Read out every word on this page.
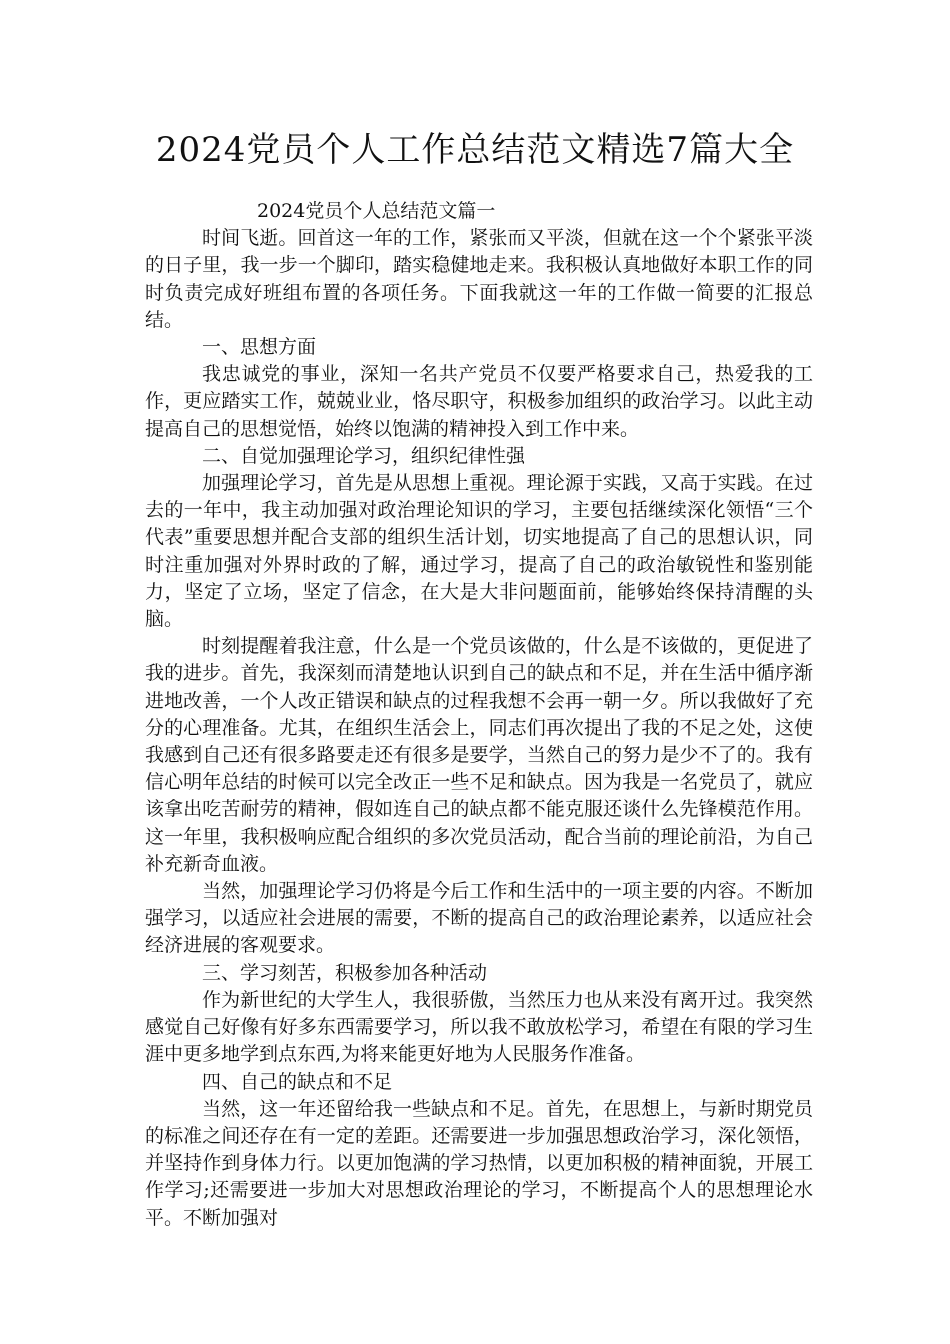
2024党员个人工作总结范文精选7篇大全

2024党员个人总结范文篇一

时间飞逝。回首这一年的工作，紧张而又平淡，但就在这一个个紧张平淡的日子里，我一步一个脚印，踏实稳健地走来。我积极认真地做好本职工作的同时负责完成好班组布置的各项任务。下面我就这一年的工作做一简要的汇报总结。

一、思想方面

我忠诚党的事业，深知一名共产党员不仅要严格要求自己，热爱我的工作，更应踏实工作，兢兢业业，恪尽职守，积极参加组织的政治学习。以此主动提高自己的思想觉悟，始终以饱满的精神投入到工作中来。

二、自觉加强理论学习，组织纪律性强

加强理论学习，首先是从思想上重视。理论源于实践，又高于实践。在过去的一年中，我主动加强对政治理论知识的学习，主要包括继续深化领悟“三个代表”重要思想并配合支部的组织生活计划，切实地提高了自己的思想认识，同时注重加强对外界时政的了解，通过学习，提高了自己的政治敏锐性和鉴别能力，坚定了立场，坚定了信念，在大是大非问题面前，能够始终保持清醒的头脑。

时刻提醒着我注意，什么是一个党员该做的，什么是不该做的，更促进了我的进步。首先，我深刻而清楚地认识到自己的缺点和不足，并在生活中循序渐进地改善，一个人改正错误和缺点的过程我想不会再一朝一夕。所以我做好了充分的心理准备。尤其，在组织生活会上，同志们再次提出了我的不足之处，这使我感到自己还有很多路要走还有很多是要学，当然自己的努力是少不了的。我有信心明年总结的时候可以完全改正一些不足和缺点。因为我是一名党员了，就应该拿出吃苦耐劳的精神，假如连自己的缺点都不能克服还谈什么先锋模范作用。这一年里，我积极响应配合组织的多次党员活动，配合当前的理论前沿，为自己补充新奇血液。

当然，加强理论学习仍将是今后工作和生活中的一项主要的内容。不断加强学习，以适应社会进展的需要，不断的提高自己的政治理论素养，以适应社会经济进展的客观要求。

三、学习刻苦，积极参加各种活动

作为新世纪的大学生人，我很骄傲，当然压力也从来没有离开过。我突然感觉自己好像有好多东西需要学习，所以我不敢放松学习，希望在有限的学习生涯中更多地学到点东西,为将来能更好地为人民服务作准备。

四、自己的缺点和不足

当然，这一年还留给我一些缺点和不足。首先，在思想上，与新时期党员的标准之间还存在有一定的差距。还需要进一步加强思想政治学习，深化领悟，并坚持作到身体力行。以更加饱满的学习热情，以更加积极的精神面貌，开展工作学习;还需要进一步加大对思想政治理论的学习，不断提高个人的思想理论水平。不断加强对
